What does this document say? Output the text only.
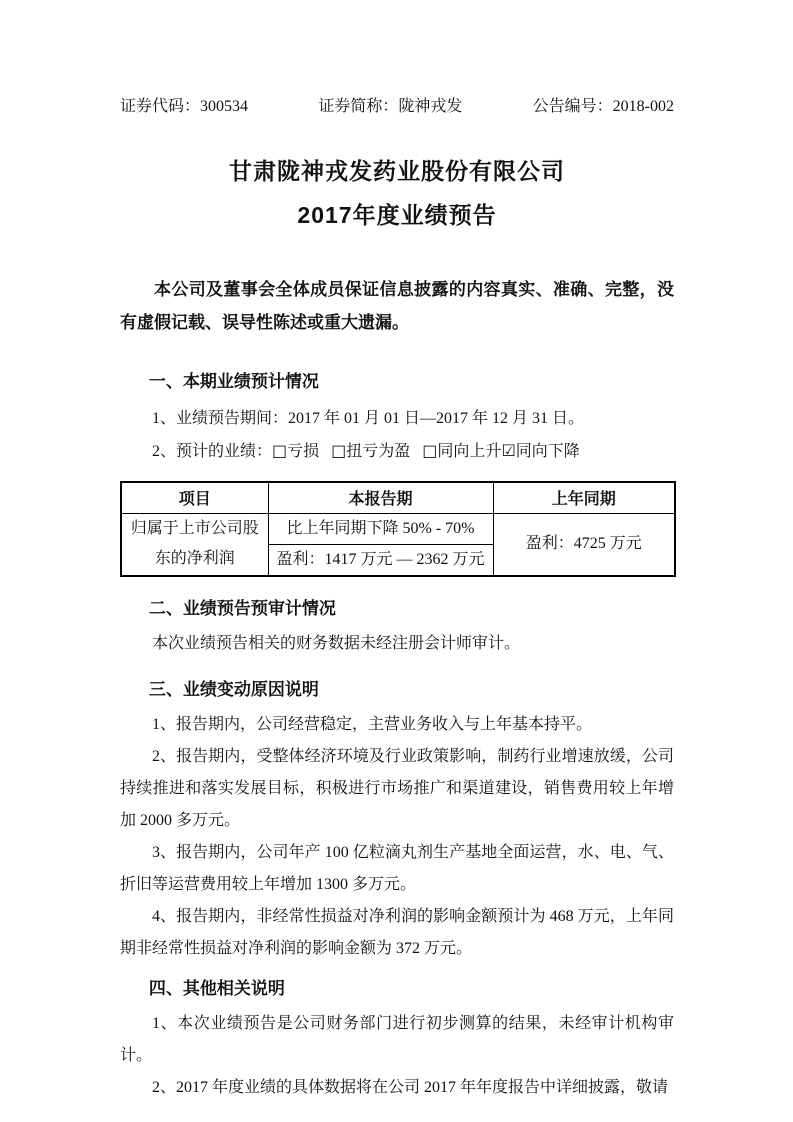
证券代码：300534	证券简称：陇神戎发	公告编号：2018-002
甘肃陇神戎发药业股份有限公司
2017年度业绩预告

本公司及董事会全体成员保证信息披露的内容真实、准确、完整，没有虚假记载、误导性陈述或重大遗漏。

一、本期业绩预计情况

1、业绩预告期间：2017 年 01 月 01 日—2017 年 12 月 31 日。

2、预计的业绩：□亏损 □扭亏为盈 □同向上升☑同向下降

项目	本报告期	上年同期
归属于上市公司股东的净利润	比上年同期下降 50% - 70%	盈利：4725 万元
	盈利：1417 万元 — 2362 万元	
二、业绩预告预审计情况

本次业绩预告相关的财务数据未经注册会计师审计。

三、业绩变动原因说明

1、报告期内，公司经营稳定，主营业务收入与上年基本持平。

2、报告期内，受整体经济环境及行业政策影响，制药行业增速放缓，公司持续推进和落实发展目标，积极进行市场推广和渠道建设，销售费用较上年增加 2000 多万元。

3、报告期内，公司年产 100 亿粒滴丸剂生产基地全面运营，水、电、气、折旧等运营费用较上年增加 1300 多万元。

4、报告期内，非经常性损益对净利润的影响金额预计为 468 万元，上年同期非经常性损益对净利润的影响金额为 372 万元。

四、其他相关说明

1、本次业绩预告是公司财务部门进行初步测算的结果，未经审计机构审计。

2、2017 年度业绩的具体数据将在公司 2017 年年度报告中详细披露，敬请
